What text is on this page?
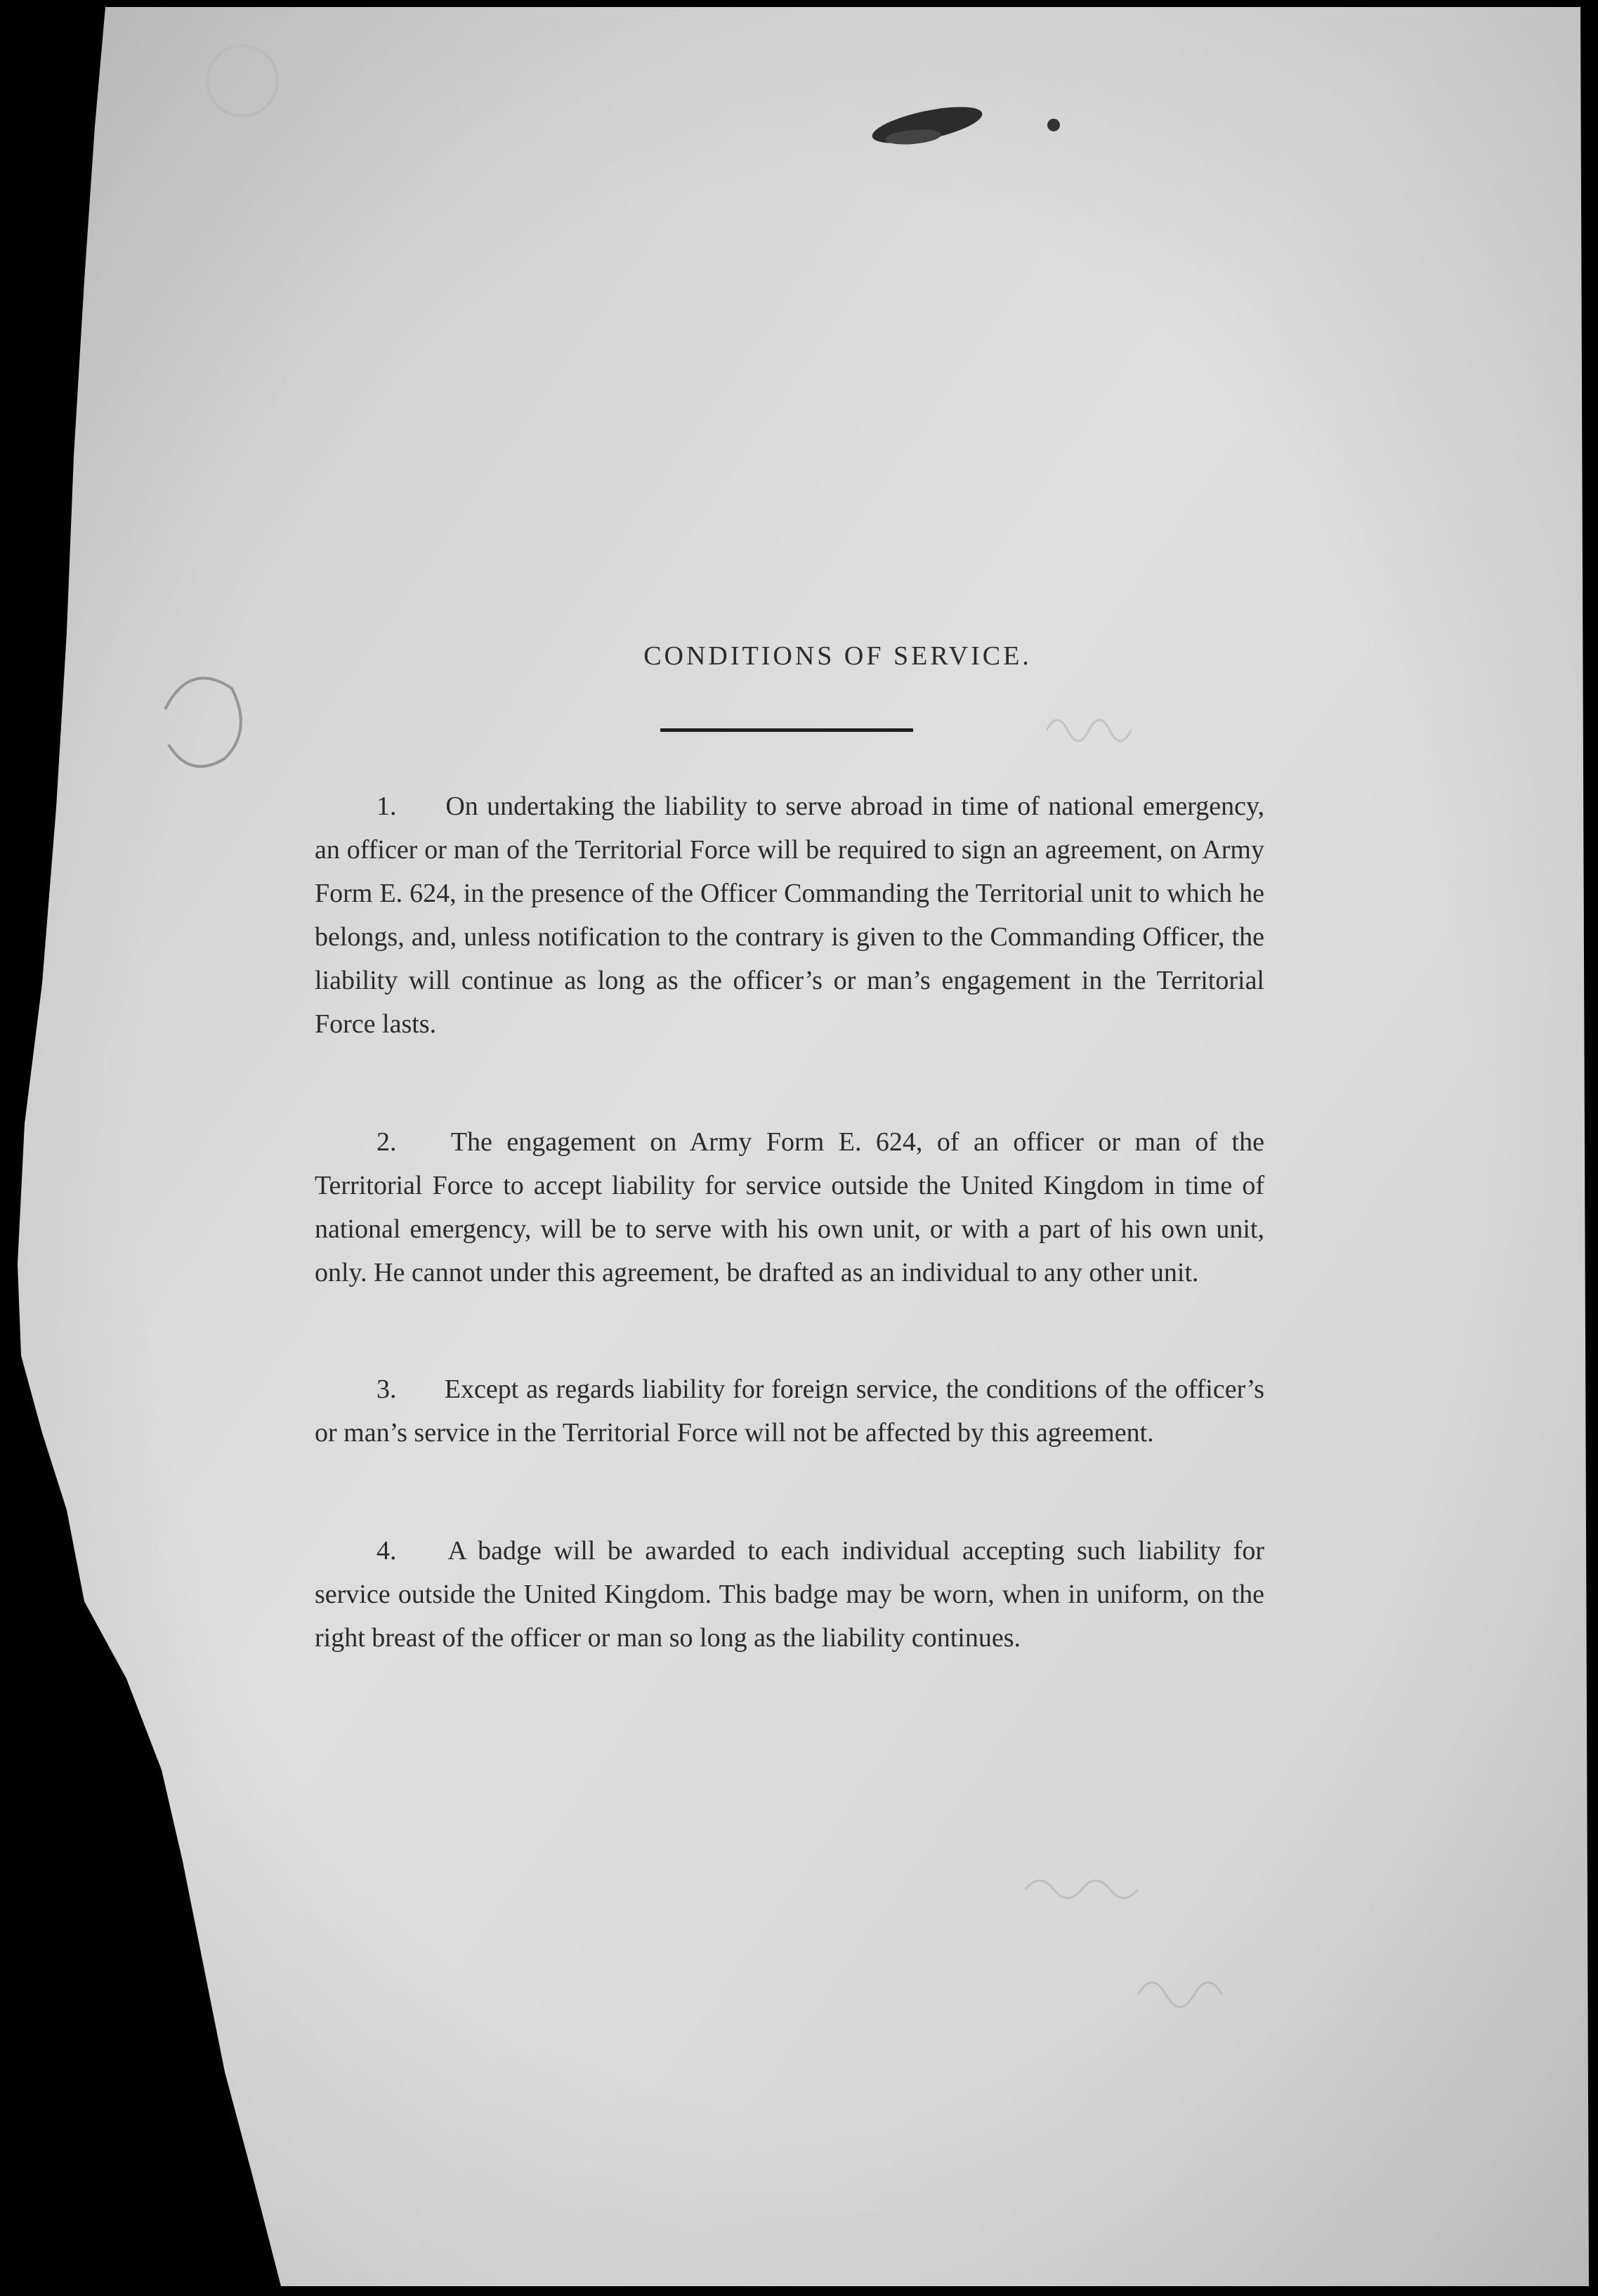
CONDITIONS OF SERVICE.
1. On undertaking the liability to serve abroad in time of national emergency, an officer or man of the Territorial Force will be required to sign an agreement, on Army Form E. 624, in the presence of the Officer Commanding the Territorial unit to which he belongs, and, unless notification to the contrary is given to the Commanding Officer, the liability will continue as long as the officer’s or man’s engagement in the Territorial Force lasts.
2. The engagement on Army Form E. 624, of an officer or man of the Territorial Force to accept liability for service outside the United Kingdom in time of national emergency, will be to serve with his own unit, or with a part of his own unit, only. He cannot under this agreement, be drafted as an individual to any other unit.
3. Except as regards liability for foreign service, the conditions of the officer’s or man’s service in the Territorial Force will not be affected by this agreement.
4. A badge will be awarded to each individual accepting such liability for service outside the United Kingdom. This badge may be worn, when in uniform, on the right breast of the officer or man so long as the liability continues.
